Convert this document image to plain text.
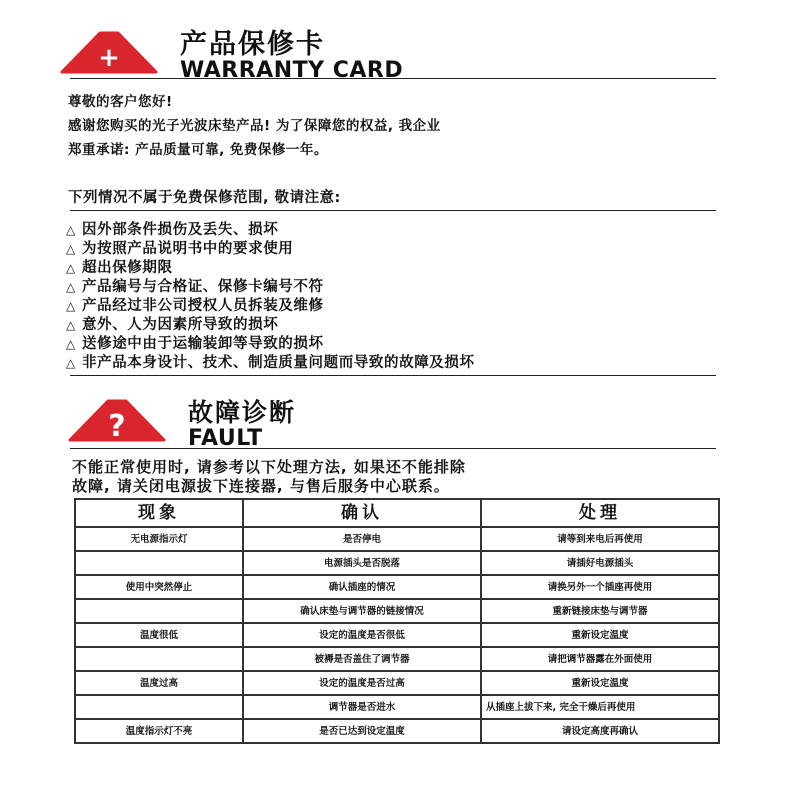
+ 产品保修卡
WARRANTY CARD
尊敬的客户您好!
感谢您购买的光子光波床垫产品! 为了保障您的权益, 我企业
郑重承诺: 产品质量可靠, 免费保修一年。
下列情况不属于免费保修范围, 敬请注意:
△ 因外部条件损伤及丢失、损坏
△ 为按照产品说明书中的要求使用
△ 超出保修期限
△ 产品编号与合格证、保修卡编号不符
△ 产品经过非公司授权人员拆装及维修
△ 意外、人为因素所导致的损坏
△ 送修途中由于运输装卸等导致的损坏
△ 非产品本身设计、技术、制造质量问题而导致的故障及损坏
? 故障诊断
FAULT
不能正常使用时, 请参考以下处理方法, 如果还不能排除
故障, 请关闭电源拔下连接器, 与售后服务中心联系。
现象	确认	处理
无电源指示灯	是否停电	请等到来电后再使用
	电源插头是否脱落	请插好电源插头
使用中突然停止	确认插座的情况	请换另外一个插座再使用
	确认床垫与调节器的链接情况	重新链接床垫与调节器
温度很低	设定的温度是否很低	重新设定温度
	被褥是否盖住了调节器	请把调节器露在外面使用
温度过高	设定的温度是否过高	重新设定温度
	调节器是否进水	从插座上拔下来, 完全干燥后再使用
温度指示灯不亮	是否已达到设定温度	请设定高度再确认
